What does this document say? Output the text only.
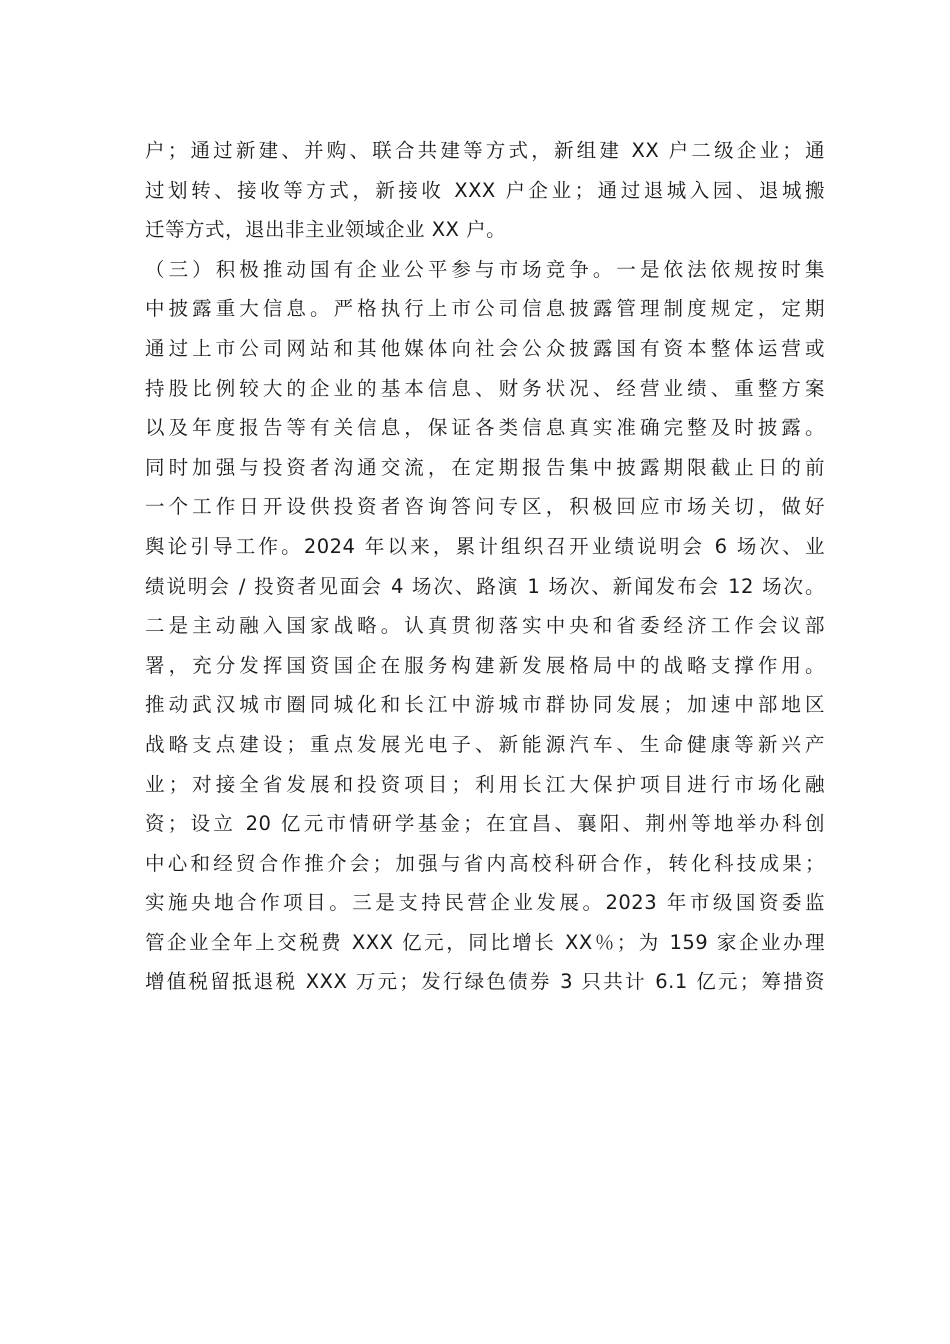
户；通过新建、并购、联合共建等方式，新组建 XX 户二级企业；通
过划转、接收等方式，新接收 XXX 户企业；通过退城入园、退城搬
迁等方式，退出非主业领域企业 XX 户。
（三）积极推动国有企业公平参与市场竞争。一是依法依规按时集
中披露重大信息。严格执行上市公司信息披露管理制度规定，定期
通过上市公司网站和其他媒体向社会公众披露国有资本整体运营或
持股比例较大的企业的基本信息、财务状况、经营业绩、重整方案
以及年度报告等有关信息，保证各类信息真实准确完整及时披露。
同时加强与投资者沟通交流，在定期报告集中披露期限截止日的前
一个工作日开设供投资者咨询答问专区，积极回应市场关切，做好
舆论引导工作。2024 年以来，累计组织召开业绩说明会 6 场次、业
绩说明会 / 投资者见面会 4 场次、路演 1 场次、新闻发布会 12 场次。
二是主动融入国家战略。认真贯彻落实中央和省委经济工作会议部
署，充分发挥国资国企在服务构建新发展格局中的战略支撑作用。
推动武汉城市圈同城化和长江中游城市群协同发展；加速中部地区
战略支点建设；重点发展光电子、新能源汽车、生命健康等新兴产
业；对接全省发展和投资项目；利用长江大保护项目进行市场化融
资；设立 20 亿元市情研学基金；在宜昌、襄阳、荆州等地举办科创
中心和经贸合作推介会；加强与省内高校科研合作，转化科技成果；
实施央地合作项目。三是支持民营企业发展。2023 年市级国资委监
管企业全年上交税费 XXX 亿元，同比增长 XX％；为 159 家企业办理
增值税留抵退税 XXX 万元；发行绿色债券 3 只共计 6.1 亿元；筹措资
